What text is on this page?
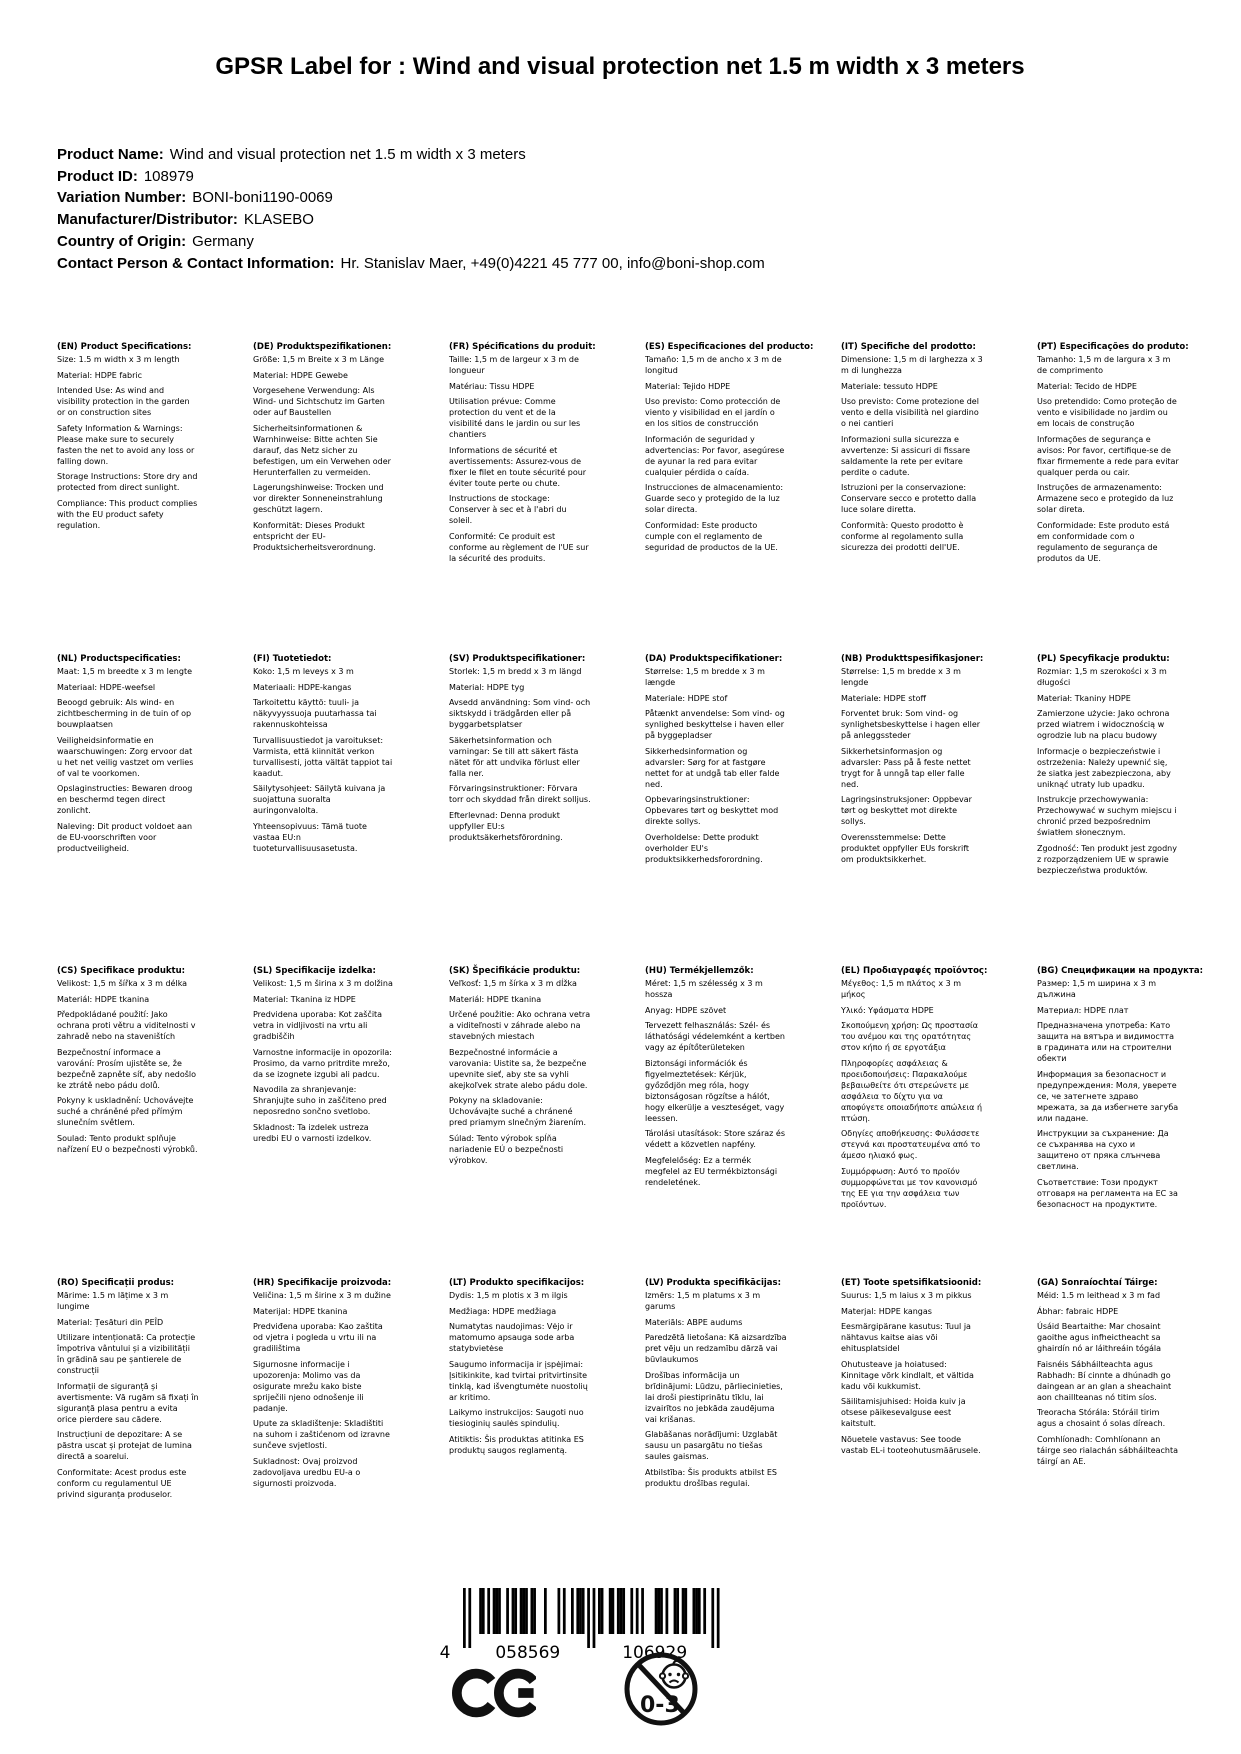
GPSR Label for : Wind and visual protection net 1.5 m width x 3 meters
Product Name: Wind and visual protection net 1.5 m width x 3 meters
Product ID: 108979
Variation Number: BONI-boni1190-0069
Manufacturer/Distributor: KLASEBO
Country of Origin: Germany
Contact Person & Contact Information: Hr. Stanislav Maer, +49(0)4221 45 777 00, info@boni-shop.com
(EN) Product Specifications:

Size: 1.5 m width x 3 m length

Material: HDPE fabric

Intended Use: As wind and visibility protection in the garden or on construction sites

Safety Information & Warnings: Please make sure to securely fasten the net to avoid any loss or falling down.

Storage Instructions: Store dry and protected from direct sunlight.

Compliance: This product complies with the EU product safety regulation.

(DE) Produktspezifikationen:

Größe: 1,5 m Breite x 3 m Länge

Material: HDPE Gewebe

Vorgesehene Verwendung: Als Wind- und Sichtschutz im Garten oder auf Baustellen

Sicherheitsinformationen & Warnhinweise: Bitte achten Sie darauf, das Netz sicher zu befestigen, um ein Verwehen oder Herunterfallen zu vermeiden.

Lagerungshinweise: Trocken und vor direkter Sonneneinstrahlung geschützt lagern.

Konformität: Dieses Produkt entspricht der EU-Produktsicherheitsverordnung.

(FR) Spécifications du produit:

Taille: 1,5 m de largeur x 3 m de longueur

Matériau: Tissu HDPE

Utilisation prévue: Comme protection du vent et de la visibilité dans le jardin ou sur les chantiers

Informations de sécurité et avertissements: Assurez-vous de fixer le filet en toute sécurité pour éviter toute perte ou chute.

Instructions de stockage: Conserver à sec et à l'abri du soleil.

Conformité: Ce produit est conforme au règlement de l'UE sur la sécurité des produits.

(ES) Especificaciones del producto:

Tamaño: 1,5 m de ancho x 3 m de longitud

Material: Tejido HDPE

Uso previsto: Como protección de viento y visibilidad en el jardín o en los sitios de construcción

Información de seguridad y advertencias: Por favor, asegúrese de ayunar la red para evitar cualquier pérdida o caída.

Instrucciones de almacenamiento: Guarde seco y protegido de la luz solar directa.

Conformidad: Este producto cumple con el reglamento de seguridad de productos de la UE.

(IT) Specifiche del prodotto:

Dimensione: 1,5 m di larghezza x 3 m di lunghezza

Materiale: tessuto HDPE

Uso previsto: Come protezione del vento e della visibilità nel giardino o nei cantieri

Informazioni sulla sicurezza e avvertenze: Si assicuri di fissare saldamente la rete per evitare perdite o cadute.

Istruzioni per la conservazione: Conservare secco e protetto dalla luce solare diretta.

Conformità: Questo prodotto è conforme al regolamento sulla sicurezza dei prodotti dell'UE.

(PT) Especificações do produto:

Tamanho: 1,5 m de largura x 3 m de comprimento

Material: Tecido de HDPE

Uso pretendido: Como proteção de vento e visibilidade no jardim ou em locais de construção

Informações de segurança e avisos: Por favor, certifique-se de fixar firmemente a rede para evitar qualquer perda ou cair.

Instruções de armazenamento: Armazene seco e protegido da luz solar direta.

Conformidade: Este produto está em conformidade com o regulamento de segurança de produtos da UE.

(NL) Productspecificaties:

Maat: 1,5 m breedte x 3 m lengte

Materiaal: HDPE-weefsel

Beoogd gebruik: Als wind- en zichtbescherming in de tuin of op bouwplaatsen

Veiligheidsinformatie en waarschuwingen: Zorg ervoor dat u het net veilig vastzet om verlies of val te voorkomen.

Opslaginstructies: Bewaren droog en beschermd tegen direct zonlicht.

Naleving: Dit product voldoet aan de EU-voorschriften voor productveiligheid.

(FI) Tuotetiedot:

Koko: 1,5 m leveys x 3 m

Materiaali: HDPE-kangas

Tarkoitettu käyttö: tuuli- ja näkyvyyssuoja puutarhassa tai rakennuskohteissa

Turvallisuustiedot ja varoitukset: Varmista, että kiinnität verkon turvallisesti, jotta vältät tappiot tai kaadut.

Säilytysohjeet: Säilytä kuivana ja suojattuna suoralta auringonvalolta.

Yhteensopivuus: Tämä tuote vastaa EU:n tuoteturvallisuusasetusta.

(SV) Produktspecifikationer:

Storlek: 1,5 m bredd x 3 m längd

Material: HDPE tyg

Avsedd användning: Som vind- och siktskydd i trädgården eller på byggarbetsplatser

Säkerhetsinformation och varningar: Se till att säkert fästa nätet för att undvika förlust eller falla ner.

Förvaringsinstruktioner: Förvara torr och skyddad från direkt solljus.

Efterlevnad: Denna produkt uppfyller EU:s produktsäkerhetsförordning.

(DA) Produktspecifikationer:

Størrelse: 1,5 m bredde x 3 m længde

Materiale: HDPE stof

Påtænkt anvendelse: Som vind- og synlighed beskyttelse i haven eller på byggepladser

Sikkerhedsinformation og advarsler: Sørg for at fastgøre nettet for at undgå tab eller falde ned.

Opbevaringsinstruktioner: Opbevares tørt og beskyttet mod direkte sollys.

Overholdelse: Dette produkt overholder EU's produktsikkerhedsforordning.

(NB) Produkttspesifikasjoner:

Størrelse: 1,5 m bredde x 3 m lengde

Materiale: HDPE stoff

Forventet bruk: Som vind- og synlighetsbeskyttelse i hagen eller på anleggssteder

Sikkerhetsinformasjon og advarsler: Pass på å feste nettet trygt for å unngå tap eller falle ned.

Lagringsinstruksjoner: Oppbevar tørt og beskyttet mot direkte sollys.

Overensstemmelse: Dette produktet oppfyller EUs forskrift om produktsikkerhet.

(PL) Specyfikacje produktu:

Rozmiar: 1,5 m szerokości x 3 m długości

Materiał: Tkaniny HDPE

Zamierzone użycie: Jako ochrona przed wiatrem i widocznością w ogrodzie lub na placu budowy

Informacje o bezpieczeństwie i ostrzeżenia: Należy upewnić się, że siatka jest zabezpieczona, aby uniknąć utraty lub upadku.

Instrukcje przechowywania: Przechowywać w suchym miejscu i chronić przed bezpośrednim światłem słonecznym.

Zgodność: Ten produkt jest zgodny z rozporządzeniem UE w sprawie bezpieczeństwa produktów.

(CS) Specifikace produktu:

Velikost: 1,5 m šířka x 3 m délka

Materiál: HDPE tkanina

Předpokládané použití: Jako ochrana proti větru a viditelnosti v zahradě nebo na staveništích

Bezpečnostní informace a varování: Prosím ujistěte se, že bezpečně zapněte síť, aby nedošlo ke ztrátě nebo pádu dolů.

Pokyny k uskladnění: Uchovávejte suché a chráněné před přímým slunečním světlem.

Soulad: Tento produkt splňuje nařízení EU o bezpečnosti výrobků.

(SL) Specifikacije izdelka:

Velikost: 1,5 m širina x 3 m dolžina

Material: Tkanina iz HDPE

Predvidena uporaba: Kot zaščita vetra in vidljivosti na vrtu ali gradbiščih

Varnostne informacije in opozorila: Prosimo, da varno pritrdite mrežo, da se izognete izgubi ali padcu.

Navodila za shranjevanje: Shranjujte suho in zaščiteno pred neposredno sončno svetlobo.

Skladnost: Ta izdelek ustreza uredbi EU o varnosti izdelkov.

(SK) Špecifikácie produktu:

Veľkosť: 1,5 m šírka x 3 m dĺžka

Materiál: HDPE tkanina

Určené použitie: Ako ochrana vetra a viditeľnosti v záhrade alebo na stavebných miestach

Bezpečnostné informácie a varovania: Uistite sa, že bezpečne upevnite sieť, aby ste sa vyhli akejkoľvek strate alebo pádu dole.

Pokyny na skladovanie: Uchovávajte suché a chránené pred priamym slnečným žiarením.

Súlad: Tento výrobok spĺňa nariadenie EÚ o bezpečnosti výrobkov.

(HU) Termékjellemzők:

Méret: 1,5 m szélesség x 3 m hossza

Anyag: HDPE szövet

Tervezett felhasználás: Szél- és láthatósági védelemként a kertben vagy az építőterületeken

Biztonsági információk és figyelmeztetések: Kérjük, győződjön meg róla, hogy biztonságosan rögzítse a hálót, hogy elkerülje a veszteséget, vagy leessen.

Tárolási utasítások: Store száraz és védett a közvetlen napfény.

Megfelelőség: Ez a termék megfelel az EU termékbiztonsági rendeletének.

(EL) Προδιαγραφές προϊόντος:

Μέγεθος: 1,5 m πλάτος x 3 m μήκος

Υλικό: Υφάσματα HDPE

Σκοπούμενη χρήση: Ως προστασία του ανέμου και της ορατότητας στον κήπο ή σε εργοτάξια

Πληροφορίες ασφάλειας & προειδοποιήσεις: Παρακαλούμε βεβαιωθείτε ότι στερεώνετε με ασφάλεια το δίχτυ για να αποφύγετε οποιαδήποτε απώλεια ή πτώση.

Οδηγίες αποθήκευσης: Φυλάσσετε στεγνά και προστατευμένα από το άμεσο ηλιακό φως.

Συμμόρφωση: Αυτό το προϊόν συμμορφώνεται με τον κανονισμό της ΕΕ για την ασφάλεια των προϊόντων.

(BG) Спецификации на продукта:

Размер: 1,5 m ширина x 3 m дължина

Материал: HDPE плат

Предназначена употреба: Като защита на вятъра и видимостта в градината или на строителни обекти

Информация за безопасност и предупреждения: Моля, уверете се, че затегнете здраво мрежата, за да избегнете загуба или падане.

Инструкции за съхранение: Да се съхранява на сухо и защитено от пряка слънчева светлина.

Съответствие: Този продукт отговаря на регламента на ЕС за безопасност на продуктите.

(RO) Specificații produs:

Mărime: 1.5 m lățime x 3 m lungime

Material: Țesături din PEÎD

Utilizare intenționată: Ca protecție împotriva vântului și a vizibilității în grădină sau pe șantierele de construcții

Informații de siguranță și avertismente: Vă rugăm să fixați în siguranță plasa pentru a evita orice pierdere sau cădere.

Instrucțiuni de depozitare: A se păstra uscat și protejat de lumina directă a soarelui.

Conformitate: Acest produs este conform cu regulamentul UE privind siguranța produselor.

(HR) Specifikacije proizvoda:

Veličina: 1,5 m širine x 3 m dužine

Materijal: HDPE tkanina

Predviđena uporaba: Kao zaštita od vjetra i pogleda u vrtu ili na gradilištima

Sigurnosne informacije i upozorenja: Molimo vas da osigurate mrežu kako biste spriječili njeno odnošenje ili padanje.

Upute za skladištenje: Skladištiti na suhom i zaštićenom od izravne sunčeve svjetlosti.

Sukladnost: Ovaj proizvod zadovoljava uredbu EU-a o sigurnosti proizvoda.

(LT) Produkto specifikacijos:

Dydis: 1,5 m plotis x 3 m ilgis

Medžiaga: HDPE medžiaga

Numatytas naudojimas: Vėjo ir matomumo apsauga sode arba statybvietėse

Saugumo informacija ir įspėjimai: Įsitikinkite, kad tvirtai pritvirtinsite tinklą, kad išvengtumėte nuostolių ar kritimo.

Laikymo instrukcijos: Saugoti nuo tiesioginių saulės spindulių.

Atitiktis: Šis produktas atitinka ES produktų saugos reglamentą.

(LV) Produkta specifikācijas:

Izmērs: 1,5 m platums x 3 m garums

Materiāls: ABPE audums

Paredzētā lietošana: Kā aizsardzība pret vēju un redzamību dārzā vai būvlaukumos

Drošības informācija un brīdinājumi: Lūdzu, pārliecinieties, lai droši piestiprinātu tīklu, lai izvairītos no jebkāda zaudējuma vai krišanas.

Glabāšanas norādījumi: Uzglabāt sausu un pasargātu no tiešas saules gaismas.

Atbilstība: Šis produkts atbilst ES produktu drošības regulai.

(ET) Toote spetsifikatsioonid:

Suurus: 1,5 m laius x 3 m pikkus

Materjal: HDPE kangas

Eesmärgipärane kasutus: Tuul ja nähtavus kaitse aias või ehitusplatsidel

Ohutusteave ja hoiatused: Kinnitage võrk kindlalt, et vältida kadu või kukkumist.

Säilitamisjuhised: Hoida kuiv ja otsese päikesevalguse eest kaitstult.

Nõuetele vastavus: See toode vastab EL-i tooteohutusmäärusele.

(GA) Sonraíochtaí Táirge:

Méid: 1.5 m leithead x 3 m fad

Ábhar: fabraic HDPE

Úsáid Beartaithe: Mar chosaint gaoithe agus infheictheacht sa ghairdín nó ar láithreáin tógála

Faisnéis Sábháilteachta agus Rabhadh: Bí cinnte a dhúnadh go daingean ar an glan a sheachaint aon chaillteanas nó titim síos.

Treoracha Stórála: Stóráil tirim agus a chosaint ó solas díreach.

Comhlíonadh: Comhlíonann an táirge seo rialachán sábháilteachta táirgí an AE.

4	058569	106929
0-3
